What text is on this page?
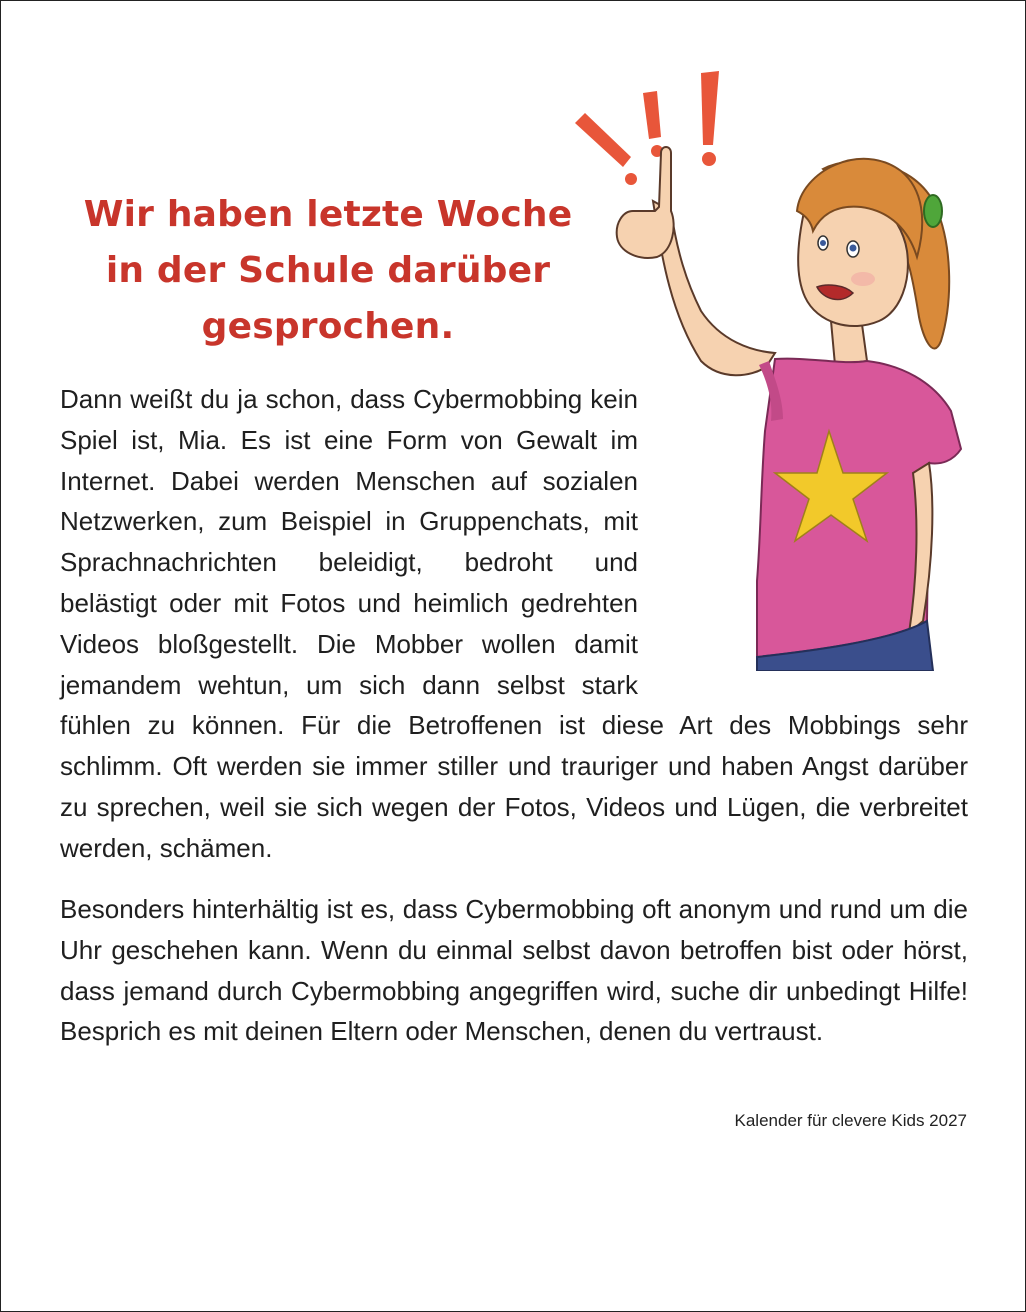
Wir haben letzte Woche in der Schule darüber gesprochen.

Dann weißt du ja schon, dass Cybermobbing kein Spiel ist, Mia. Es ist eine Form von Gewalt im Internet. Dabei werden Menschen auf sozialen Netzwerken, zum Beispiel in Gruppenchats, mit Sprachnachrichten beleidigt, bedroht und belästigt oder mit Fotos und heimlich gedrehten Videos bloßgestellt. Die Mobber wollen damit jemandem wehtun, um sich dann selbst stark fühlen zu können. Für die Betroffenen ist diese Art des Mobbings sehr schlimm. Oft werden sie immer stiller und trauriger und haben Angst darüber zu sprechen, weil sie sich wegen der Fotos, Videos und Lügen, die verbreitet werden, schämen.

Besonders hinterhältig ist es, dass Cybermobbing oft anonym und rund um die Uhr geschehen kann. Wenn du einmal selbst davon betroffen bist oder hörst, dass jemand durch Cybermobbing angegriffen wird, suche dir unbedingt Hilfe! Besprich es mit deinen Eltern oder Menschen, denen du vertraust.

Kalender für clevere Kids 2027
